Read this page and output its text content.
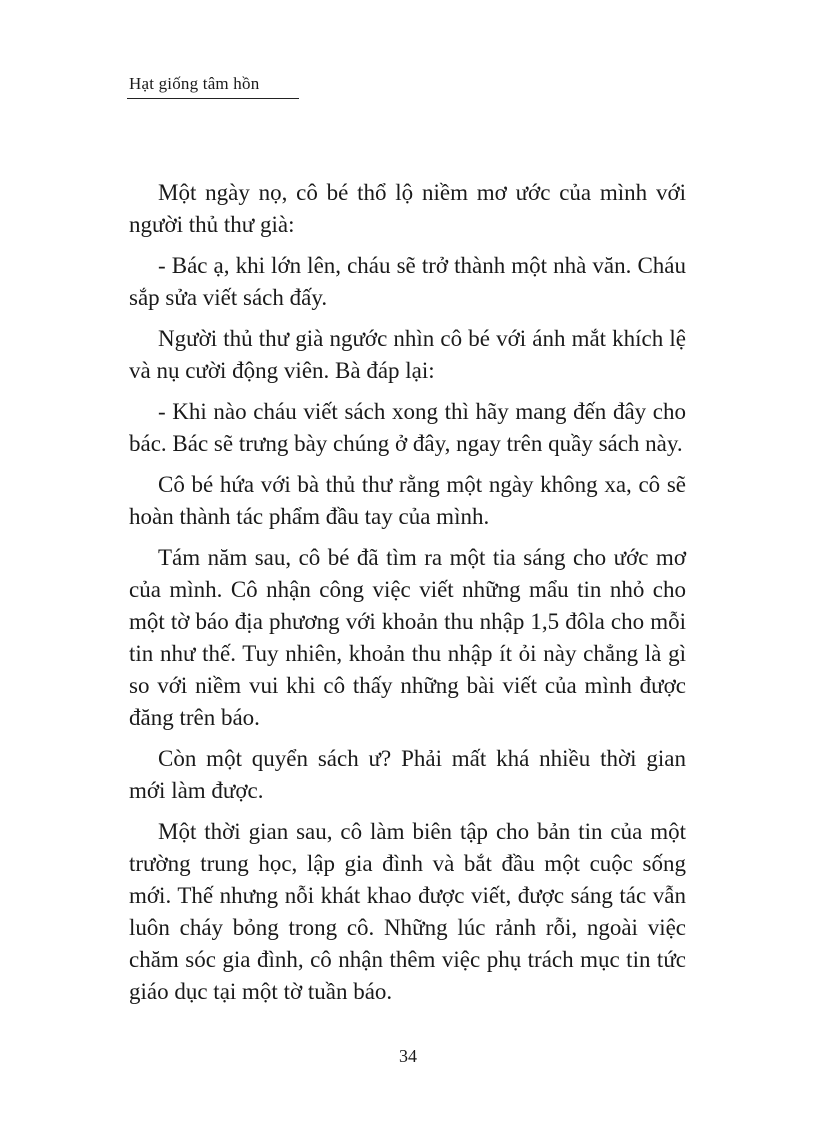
Hạt giống tâm hồn

Một ngày nọ, cô bé thổ lộ niềm mơ ước của mình với người thủ thư già:

- Bác ạ, khi lớn lên, cháu sẽ trở thành một nhà văn. Cháu sắp sửa viết sách đấy.

Người thủ thư già ngước nhìn cô bé với ánh mắt khích lệ và nụ cười động viên. Bà đáp lại:

- Khi nào cháu viết sách xong thì hãy mang đến đây cho bác. Bác sẽ trưng bày chúng ở đây, ngay trên quầy sách này.

Cô bé hứa với bà thủ thư rằng một ngày không xa, cô sẽ hoàn thành tác phẩm đầu tay của mình.

Tám năm sau, cô bé đã tìm ra một tia sáng cho ước mơ của mình. Cô nhận công việc viết những mẩu tin nhỏ cho một tờ báo địa phương với khoản thu nhập 1,5 đôla cho mỗi tin như thế. Tuy nhiên, khoản thu nhập ít ỏi này chẳng là gì so với niềm vui khi cô thấy những bài viết của mình được đăng trên báo.

Còn một quyển sách ư? Phải mất khá nhiều thời gian mới làm được.

Một thời gian sau, cô làm biên tập cho bản tin của một trường trung học, lập gia đình và bắt đầu một cuộc sống mới. Thế nhưng nỗi khát khao được viết, được sáng tác vẫn luôn cháy bỏng trong cô. Những lúc rảnh rỗi, ngoài việc chăm sóc gia đình, cô nhận thêm việc phụ trách mục tin tức giáo dục tại một tờ tuần báo.

34
